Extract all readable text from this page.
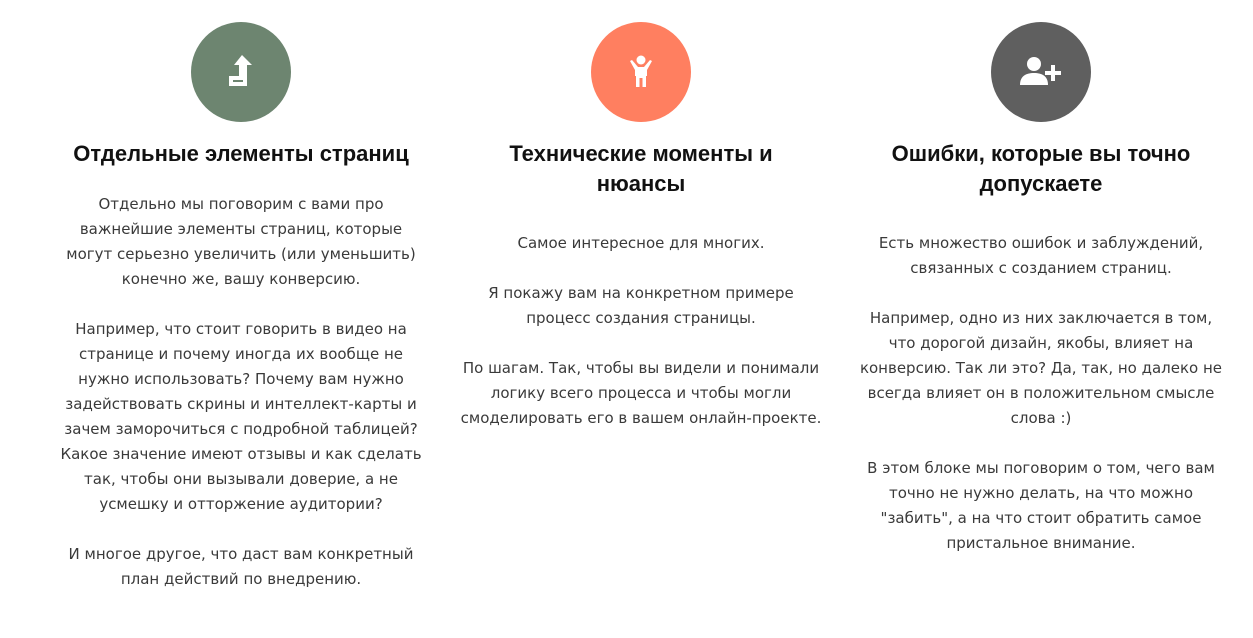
Отдельные элементы страниц

Отдельно мы поговорим с вами про важнейшие элементы страниц, которые могут серьезно увеличить (или уменьшить) конечно же, вашу конверсию.

Например, что стоит говорить в видео на странице и почему иногда их вообще не нужно использовать? Почему вам нужно задействовать скрины и интеллект-карты и зачем заморочиться с подробной таблицей? Какое значение имеют отзывы и как сделать так, чтобы они вызывали доверие, а не усмешку и отторжение аудитории?

И многое другое, что даст вам конкретный план действий по внедрению.

Технические моменты и нюансы

Самое интересное для многих.

Я покажу вам на конкретном примере процесс создания страницы.

По шагам. Так, чтобы вы видели и понимали логику всего процесса и чтобы могли смоделировать его в вашем онлайн-проекте.

Ошибки, которые вы точно допускаете

Есть множество ошибок и заблуждений, связанных с созданием страниц.

Например, одно из них заключается в том, что дорогой дизайн, якобы, влияет на конверсию. Так ли это? Да, так, но далеко не всегда влияет он в положительном смысле слова :)

В этом блоке мы поговорим о том, чего вам точно не нужно делать, на что можно "забить", а на что стоит обратить самое пристальное внимание.
